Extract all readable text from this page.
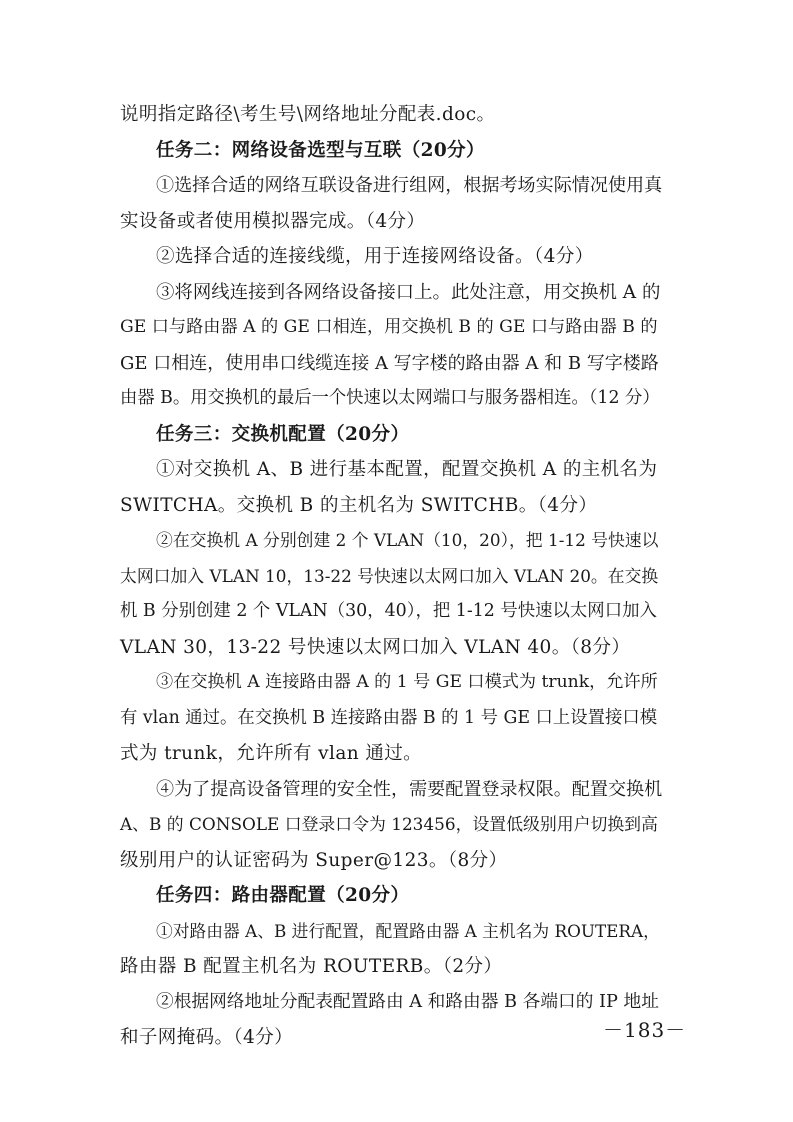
说明指定路径\考生号\网络地址分配表.doc。

任务二：网络设备选型与互联（20分）

①选择合适的网络互联设备进行组网，根据考场实际情况使用真

实设备或者使用模拟器完成。（4分）

②选择合适的连接线缆，用于连接网络设备。（4分）

③将网线连接到各网络设备接口上。此处注意，用交换机 A 的

GE 口与路由器 A 的 GE 口相连，用交换机 B 的 GE 口与路由器 B 的

GE 口相连，使用串口线缆连接 A 写字楼的路由器 A 和 B 写字楼路

由器 B。用交换机的最后一个快速以太网端口与服务器相连。（12 分）

任务三：交换机配置（20分）

①对交换机 A、B 进行基本配置，配置交换机 A 的主机名为

SWITCHA。交换机 B 的主机名为 SWITCHB。（4分）

②在交换机 A 分别创建 2 个 VLAN（10，20），把 1-12 号快速以

太网口加入 VLAN 10，13-22 号快速以太网口加入 VLAN 20。在交换

机 B 分别创建 2 个 VLAN（30，40），把 1-12 号快速以太网口加入

VLAN 30，13-22 号快速以太网口加入 VLAN 40。（8分）

③在交换机 A 连接路由器 A 的 1 号 GE 口模式为 trunk，允许所

有 vlan 通过。在交换机 B 连接路由器 B 的 1 号 GE 口上设置接口模

式为 trunk，允许所有 vlan 通过。

④为了提高设备管理的安全性，需要配置登录权限。配置交换机

A、B 的 CONSOLE 口登录口令为 123456，设置低级别用户切换到高

级别用户的认证密码为 Super@123。（8分）

任务四：路由器配置（20分）

①对路由器 A、B 进行配置，配置路由器 A 主机名为 ROUTERA，

路由器 B 配置主机名为 ROUTERB。（2分）

②根据网络地址分配表配置路由 A 和路由器 B 各端口的 IP 地址

和子网掩码。（4分）	－183－
